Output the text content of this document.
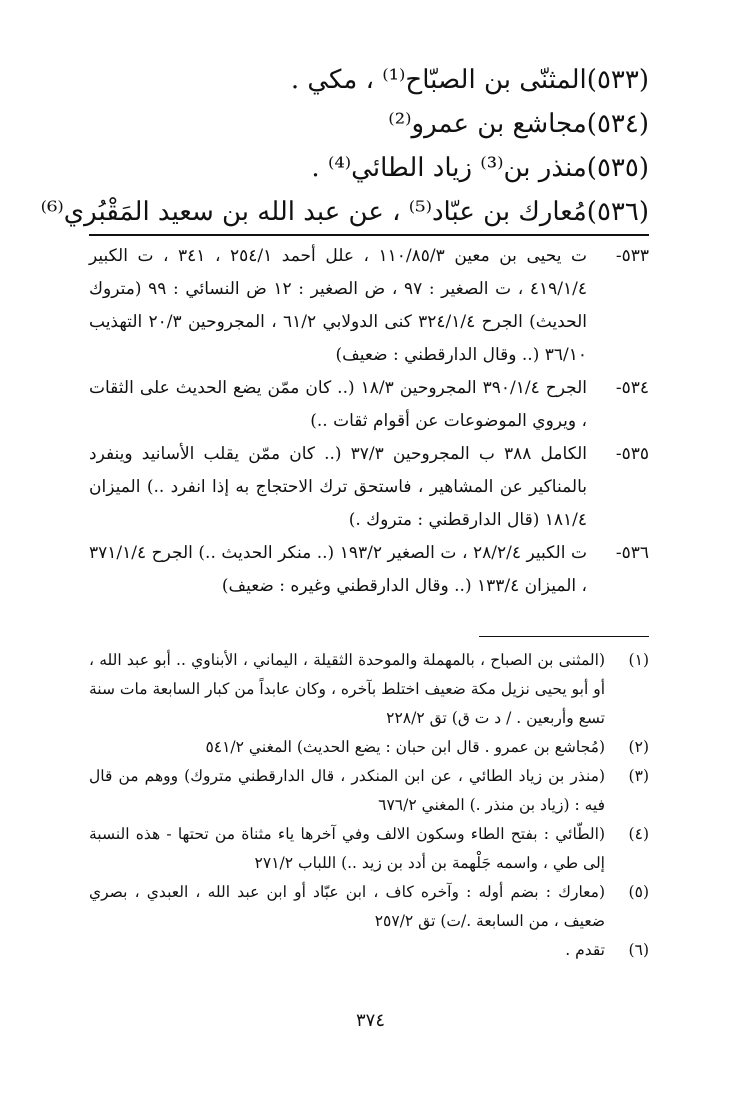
(٥٣٣)المثنّى بن الصبّاح⁽¹⁾ ، مكي .
(٥٣٤)مجاشع بن عمرو⁽²⁾
(٥٣٥)منذر بن⁽³⁾ زياد الطائي⁽⁴⁾ .
(٥٣٦)مُعارك بن عبّاد⁽⁵⁾ ، عن عبد الله بن سعيد المَقْبُري⁽⁶⁾
٥٣٣-
ت يحيى بن معين ١١٠/٨٥/٣ ، علل أحمد ٢٥٤/١ ، ٣٤١ ، ت الكبير ٤١٩/١/٤ ، ت الصغير : ٩٧ ، ض الصغير : ١٢ ض النسائي : ٩٩ (متروك الحديث) الجرح ٣٢٤/١/٤ كنى الدولابي ٦١/٢ ، المجروحين ٢٠/٣ التهذيب ٣٦/١٠ (.. وقال الدارقطني : ضعيف)
٥٣٤-
الجرح ٣٩٠/١/٤ المجروحين ١٨/٣ (.. كان ممّن يضع الحديث على الثقات ، ويروي الموضوعات عن أقوام ثقات ..)
٥٣٥-
الكامل ٣٨٨ ب المجروحين ٣٧/٣ (.. كان ممّن يقلب الأسانيد وينفرد بالمناكير عن المشاهير ، فاستحق ترك الاحتجاج به إذا انفرد ..) الميزان ١٨١/٤ (قال الدارقطني : متروك .)
٥٣٦-
ت الكبير ٢٨/٢/٤ ، ت الصغير ١٩٣/٢ (.. منكر الحديث ..) الجرح ٣٧١/١/٤ ، الميزان ١٣٣/٤ (.. وقال الدارقطني وغيره : ضعيف)
(١)
(المثنى بن الصباح ، بالمهملة والموحدة الثقيلة ، اليماني ، الأبناوي .. أبو عبد الله ، أو أبو يحيى نزيل مكة ضعيف اختلط بآخره ، وكان عابداً من كبار السابعة مات سنة تسع وأربعين . / د ت ق) تق ٢٢٨/٢
(٢)
(مُجاشع بن عمرو . قال ابن حبان : يضع الحديث) المغني ٥٤١/٢
(٣)
(منذر بن زياد الطائي ، عن ابن المنكدر ، قال الدارقطني متروك) ووهم من قال فيه : (زياد بن منذر .) المغني ٦٧٦/٢
(٤)
(الطّائي : بفتح الطاء وسكون الالف وفي آخرها ياء مثناة من تحتها - هذه النسبة إلى طي ، واسمه جَلْهمة بن أدد بن زيد ..) اللباب ٢٧١/٢
(٥)
(معارك : بضم أوله : وآخره كاف ، ابن عبّاد أو ابن عبد الله ، العبدي ، بصري ضعيف ، من السابعة ./ت) تق ٢٥٧/٢
(٦)
تقدم .
٣٧٤
